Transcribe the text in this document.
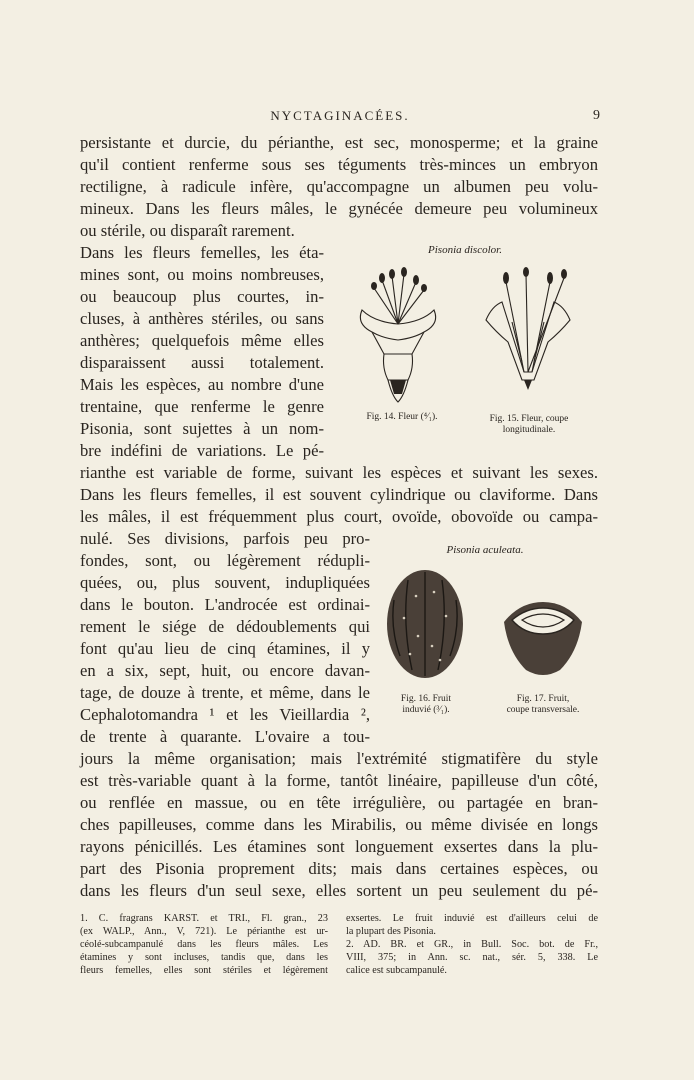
NYCTAGINACÉES.	9
persistante et durcie, du périanthe, est sec, monosperme; et la graine
qu'il contient renferme sous ses téguments très-minces un embryon
rectiligne, à radicule infère, qu'accompagne un albumen peu volu-
mineux. Dans les fleurs mâles, le gynécée demeure peu volumineux
ou stérile, ou disparaît rarement.
Dans les fleurs femelles, les éta-
mines sont, ou moins nombreuses,
ou beaucoup plus courtes, in-
cluses, à anthères stériles, ou sans
anthères; quelquefois même elles
disparaissent aussi totalement.
Mais les espèces, au nombre d'une
trentaine, que renferme le genre
Pisonia, sont sujettes à un nom-
bre indéfini de variations. Le pé-
rianthe est variable de forme, suivant les espèces et suivant les sexes.
Dans les fleurs femelles, il est souvent cylindrique ou claviforme. Dans
les mâles, il est fréquemment plus court, ovoïde, obovoïde ou campa-
nulé. Ses divisions, parfois peu pro-
fondes, sont, ou légèrement rédupli-
quées, ou, plus souvent, indupliquées
dans le bouton. L'androcée est ordinai-
rement le siége de dédoublements qui
font qu'au lieu de cinq étamines, il y
en a six, sept, huit, ou encore davan-
tage, de douze à trente, et même, dans le
Cephalotomandra ¹ et les Vieillardia ²,
de trente à quarante. L'ovaire a tou-
jours la même organisation; mais l'extrémité stigmatifère du style
est très-variable quant à la forme, tantôt linéaire, papilleuse d'un côté,
ou renflée en massue, ou en tête irrégulière, ou partagée en bran-
ches papilleuses, comme dans les Mirabilis, ou même divisée en longs
rayons pénicillés. Les étamines sont longuement exsertes dans la plu-
part des Pisonia proprement dits; mais dans certaines espèces, ou
dans les fleurs d'un seul sexe, elles sortent un peu seulement du pé-
Pisonia discolor.
Fig. 14. Fleur (⁴⁄₁).	Fig. 15. Fleur, coupe
longitudinale.
Pisonia aculeata.
Fig. 16. Fruit
induvié (³⁄₁).
Fig. 17. Fruit,
coupe transversale.
1. C. fragrans KARST. et TRI., Fl. gran., 23
(ex WALP., Ann., V, 721). Le périanthe est ur-
céolé-subcampanulé dans les fleurs mâles. Les
étamines y sont incluses, tandis que, dans les
fleurs femelles, elles sont stériles et légèrement
exsertes. Le fruit induvié est d'ailleurs celui de
la plupart des Pisonia.
2. AD. BR. et GR., in Bull. Soc. bot. de Fr.,
VIII, 375; in Ann. sc. nat., sér. 5, 338. Le
calice est subcampanulé.
